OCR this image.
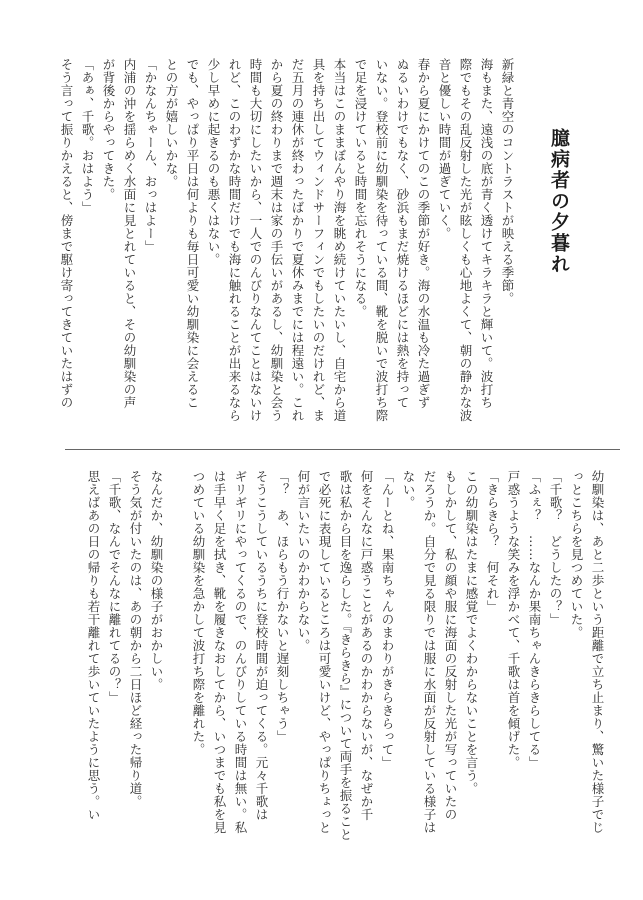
臆病者の夕暮れ
新緑と青空のコントラストが映える季節。
海もまた、遠浅の底が青く透けてキラキラと輝いて。波打ち
際でもその乱反射した光が眩しくも心地よくて、朝の静かな波
音と優しい時間が過ぎていく。
春から夏にかけてのこの季節が好き。海の水温も冷た過ぎず
ぬるいわけでもなく、砂浜もまだ焼けるほどには熱を持って
いない。登校前に幼馴染を待っている間、靴を脱いで波打ち際
で足を浸けていると時間を忘れそうになる。
本当はこのままぼんやり海を眺め続けていたいし、自宅から道
具を持ち出してウィンドサーフィンでもしたいのだけれど、ま
だ五月の連休が終わったばかりで夏休みまでには程遠い。これ
から夏の終わりまで週末は家の手伝いがあるし、幼馴染と会う
時間も大切にしたいから、一人でのんびりなんてことはないけ
れど、このわずかな時間だけでも海に触れることが出来るなら
少し早めに起きるのも悪くはない。
でも、やっぱり平日は何よりも毎日可愛い幼馴染に会えるこ
との方が嬉しいかな。
「かなんちゃーん、おっはよー」
内浦の沖を揺らめく水面に見とれていると、その幼馴染の声
が背後からやってきた。
「あぁ、千歌。おはよう」
そう言って振りかえると、傍まで駆け寄ってきていたはずの
幼馴染は、あと二歩という距離で立ち止まり、驚いた様子でじ
っとこちらを見つめていた。
「千歌？　どうしたの？」
「ふぇ？　……なんか果南ちゃんきらきらしてる」
戸惑うような笑みを浮かべて、千歌は首を傾げた。
「きらきら？　何それ」
この幼馴染はたまに感覚でよくわからないことを言う。
もしかして、私の顔や服に海面の反射した光が写っていたの
だろうか。自分で見る限りでは服に水面が反射している様子は
ない。
「んーとね、果南ちゃんのまわりがきらきらって」
何をそんなに戸惑うことがあるのかわからないが、なぜか千
歌は私から目を逸らした。『きらきら』について両手を振ること
で必死に表現しているところは可愛いけど、やっぱりちょっと
何が言いたいのかわからない。
「？　あ、ほらもう行かないと遅刻しちゃう」
そうこうしているうちに登校時間が迫ってくる。元々千歌は
ギリギリにやってくるので、のんびりしている時間は無い。私
は手早く足を拭き、靴を履きなおしてから、いつまでも私を見
つめている幼馴染を急かして波打ち際を離れた。
なんだか、幼馴染の様子がおかしい。
そう気が付いたのは、あの朝から二日ほど経った帰り道。
「千歌、なんでそんなに離れてるの？」
思えばあの日の帰りも若干離れて歩いていたように思う。い
